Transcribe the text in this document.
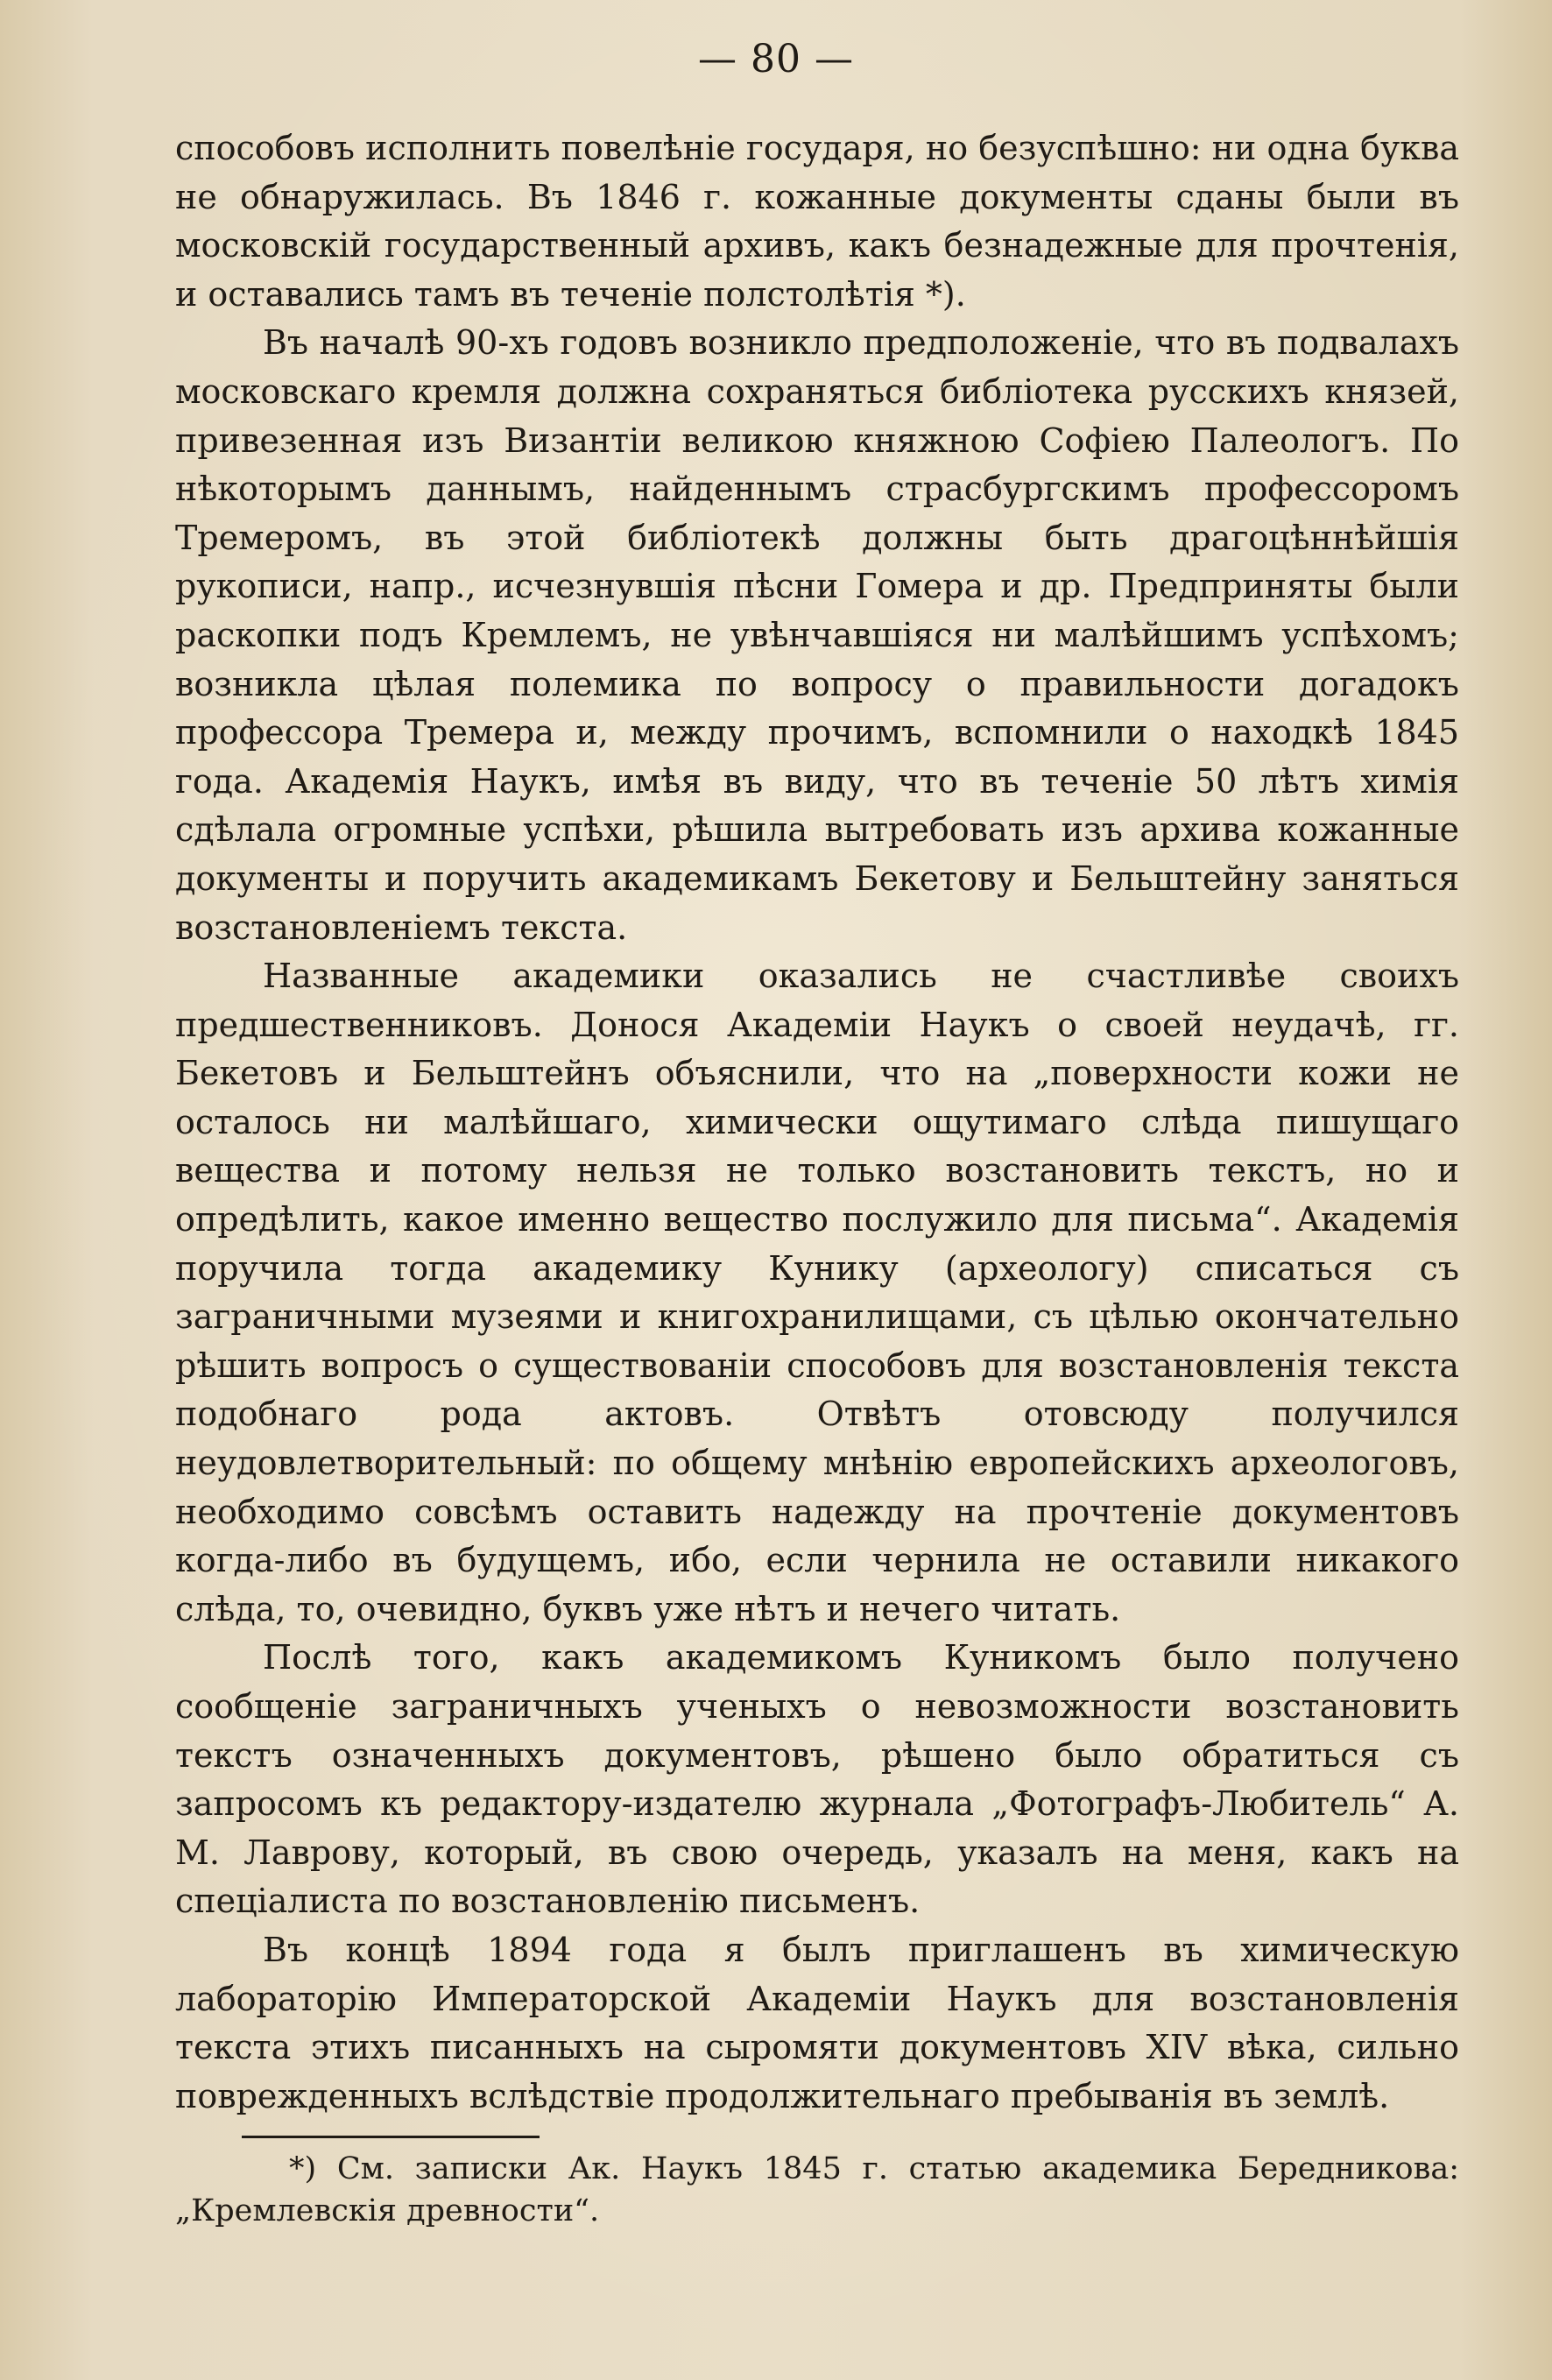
— 80 —

способовъ исполнить повелѣніе государя, но безуспѣшно: ни одна буква не обнаружилась. Въ 1846 г. кожанные документы сданы были въ московскій государственный архивъ, какъ безнадежные для прочтенія, и оставались тамъ въ теченіе полстолѣтія *).

Въ началѣ 90-хъ годовъ возникло предположеніе, что въ подвалахъ московскаго кремля должна сохраняться библіотека русскихъ князей, привезенная изъ Византіи великою княжною Софіею Палеологъ. По нѣкоторымъ даннымъ, найденнымъ страсбургскимъ профессоромъ Тремеромъ, въ этой библіотекѣ должны быть драгоцѣннѣйшія рукописи, напр., исчезнувшія пѣсни Гомера и др. Предприняты были раскопки подъ Кремлемъ, не увѣнчавшіяся ни малѣйшимъ успѣхомъ; возникла цѣлая полемика по вопросу о правильности догадокъ профессора Тремера и, между прочимъ, вспомнили о находкѣ 1845 года. Академія Наукъ, имѣя въ виду, что въ теченіе 50 лѣтъ химія сдѣлала огромные успѣхи, рѣшила вытребовать изъ архива кожанные документы и поручить академикамъ Бекетову и Бельштейну заняться возстановленіемъ текста.

Названные академики оказались не счастливѣе своихъ предшественниковъ. Донося Академіи Наукъ о своей неудачѣ, гг. Бекетовъ и Бельштейнъ объяснили, что на „поверхности кожи не осталось ни малѣйшаго, химически ощутимаго слѣда пишущаго вещества и потому нельзя не только возстановить текстъ, но и опредѣлить, какое именно вещество послужило для письма“. Академія поручила тогда академику Кунику (археологу) списаться съ заграничными музеями и книгохранилищами, съ цѣлью окончательно рѣшить вопросъ о существованіи способовъ для возстановленія текста подобнаго рода актовъ. Отвѣтъ отовсюду получился неудовлетворительный: по общему мнѣнію европейскихъ археологовъ, необходимо совсѣмъ оставить надежду на прочтеніе документовъ когда-либо въ будущемъ, ибо, если чернила не оставили никакого слѣда, то, очевидно, буквъ уже нѣтъ и нечего читать.

Послѣ того, какъ академикомъ Куникомъ было получено сообщеніе заграничныхъ ученыхъ о невозможности возстановить текстъ означенныхъ документовъ, рѣшено было обратиться съ запросомъ къ редактору-издателю журнала „Фотографъ-Любитель“ А. М. Лаврову, который, въ свою очередь, указалъ на меня, какъ на спеціалиста по возстановленію письменъ.

Въ концѣ 1894 года я былъ приглашенъ въ химическую лабораторію Императорской Академіи Наукъ для возстановленія текста этихъ писанныхъ на сыромяти документовъ XIV вѣка, сильно поврежденныхъ вслѣдствіе продолжительнаго пребыванія въ землѣ.

*) См. записки Ак. Наукъ 1845 г. статью академика Бередникова: „Кремлевскія древности“.
